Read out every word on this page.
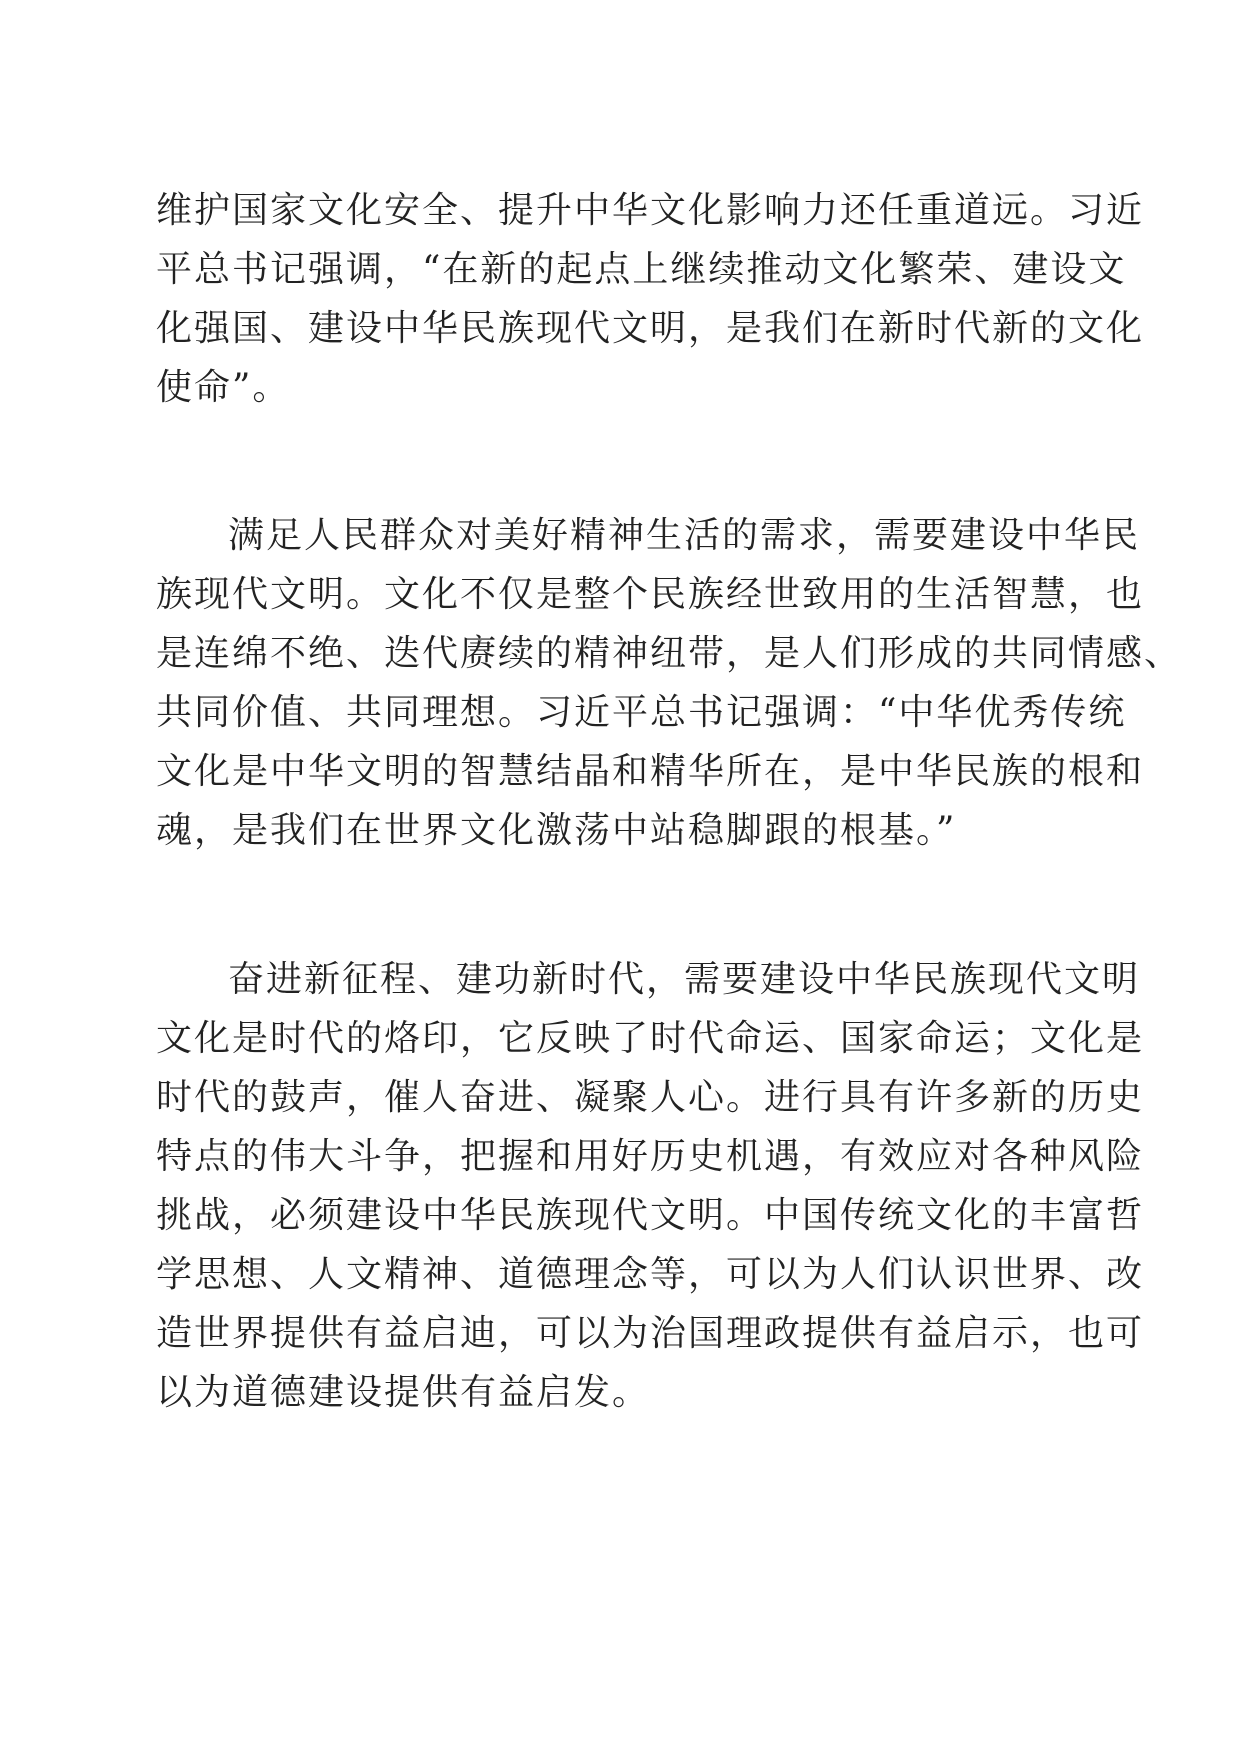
维护国家文化安全、提升中华文化影响力还任重道远。习近
平总书记强调，“在新的起点上继续推动文化繁荣、建设文
化强国、建设中华民族现代文明，是我们在新时代新的文化
使命”。
满足人民群众对美好精神生活的需求，需要建设中华民
族现代文明。文化不仅是整个民族经世致用的生活智慧，也
是连绵不绝、迭代赓续的精神纽带，是人们形成的共同情感、
共同价值、共同理想。习近平总书记强调：“中华优秀传统
文化是中华文明的智慧结晶和精华所在，是中华民族的根和
魂，是我们在世界文化激荡中站稳脚跟的根基。”
奋进新征程、建功新时代，需要建设中华民族现代文明
文化是时代的烙印，它反映了时代命运、国家命运；文化是
时代的鼓声，催人奋进、凝聚人心。进行具有许多新的历史
特点的伟大斗争，把握和用好历史机遇，有效应对各种风险
挑战，必须建设中华民族现代文明。中国传统文化的丰富哲
学思想、人文精神、道德理念等，可以为人们认识世界、改
造世界提供有益启迪，可以为治国理政提供有益启示，也可
以为道德建设提供有益启发。
